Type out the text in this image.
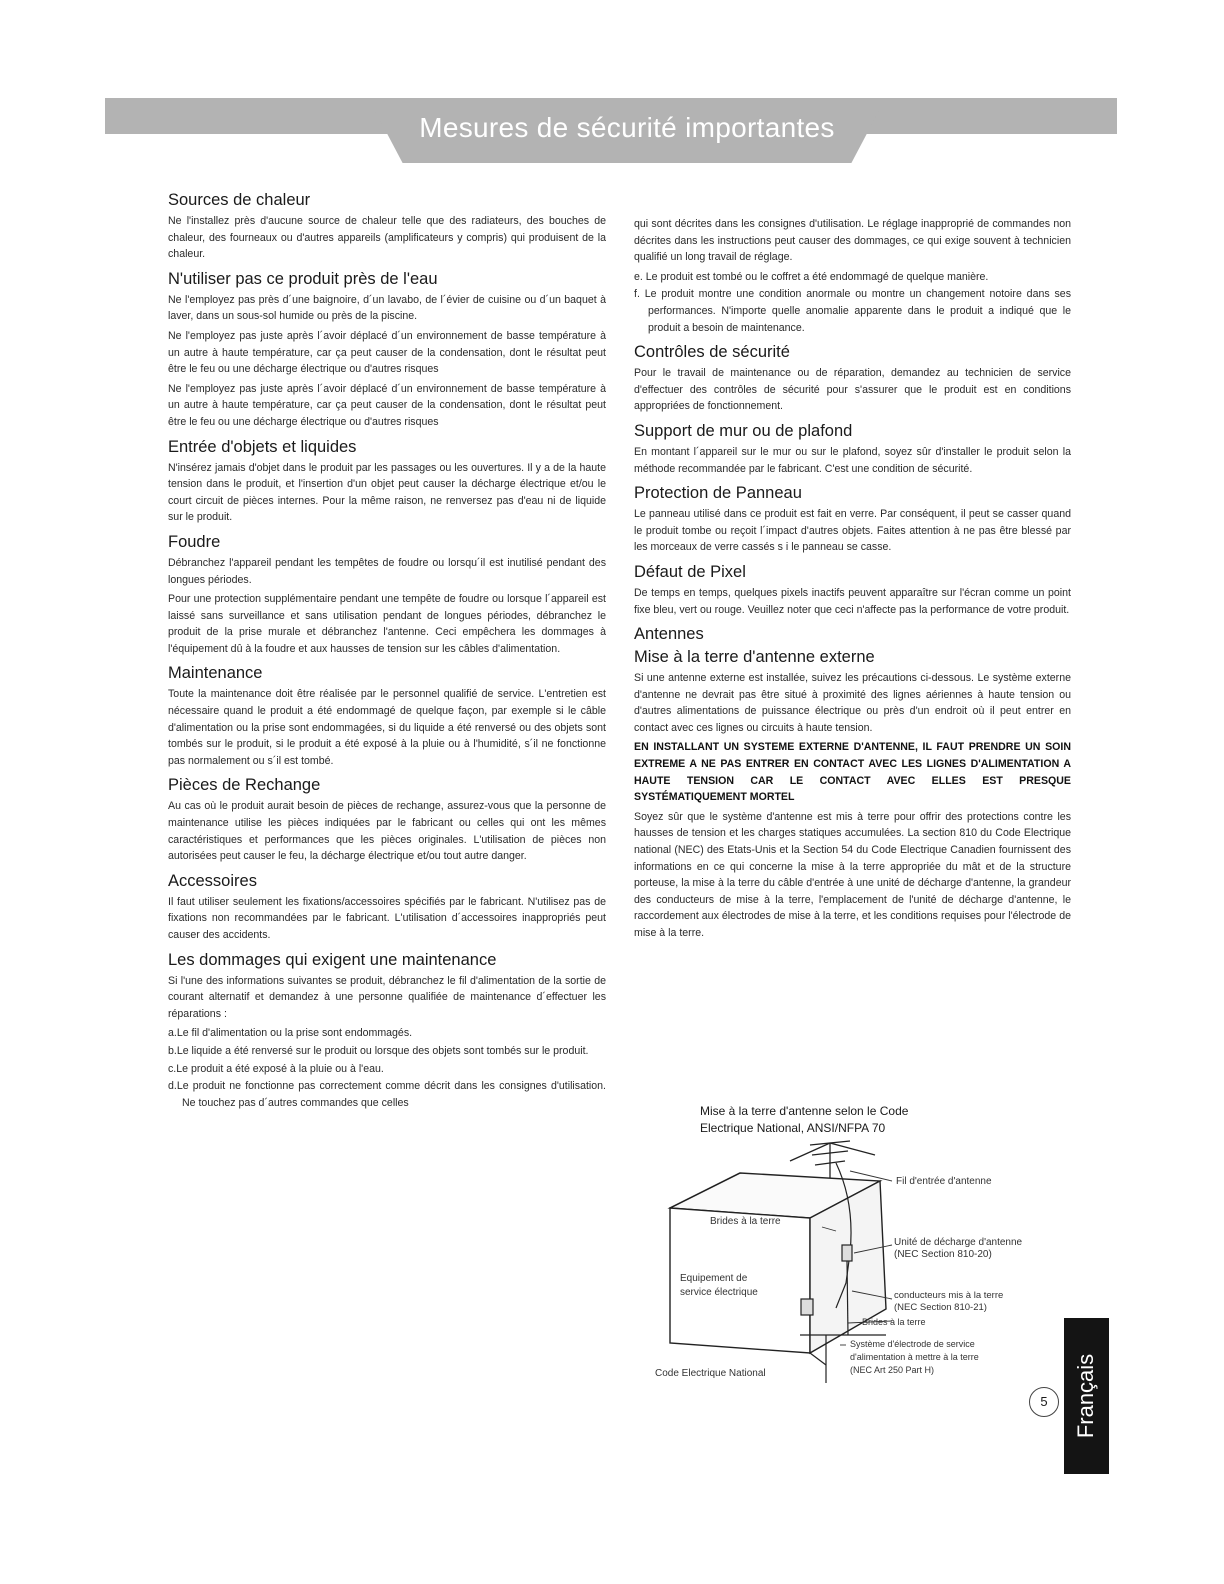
Mesures de sécurité importantes
Sources de chaleur

Ne l'installez près d'aucune source de chaleur telle que des radiateurs, des bouches de chaleur, des fourneaux ou d'autres appareils (amplificateurs y compris) qui produisent de la chaleur.

N'utiliser pas ce produit près de l'eau

Ne l'employez pas près d´une baignoire, d´un lavabo, de l´évier de cuisine ou d´un baquet à laver, dans un sous-sol humide ou près de la piscine.

Ne l'employez pas juste après l´avoir déplacé d´un environnement de basse température à un autre à haute température, car ça peut causer de la condensation, dont le résultat peut être le feu ou une décharge électrique ou d'autres risques

Ne l'employez pas juste après l´avoir déplacé d´un environnement de basse température à un autre à haute température, car ça peut causer de la condensation, dont le résultat peut être le feu ou une décharge électrique ou d'autres risques

Entrée d'objets et liquides

N'insérez jamais d'objet dans le produit par les passages ou les ouvertures. Il y a de la haute tension dans le produit, et l'insertion d'un objet peut causer la décharge électrique et/ou le court circuit de pièces internes. Pour la même raison, ne renversez pas d'eau ni de liquide sur le produit.

Foudre

Débranchez l'appareil pendant les tempêtes de foudre ou lorsqu´il est inutilisé pendant des longues périodes.

Pour une protection supplémentaire pendant une tempête de foudre ou lorsque l´appareil est laissé sans surveillance et sans utilisation pendant de longues périodes, débranchez le produit de la prise murale et débranchez l'antenne. Ceci empêchera les dommages à l'équipement dû à la foudre et aux hausses de tension sur les câbles d'alimentation.

Maintenance

Toute la maintenance doit être réalisée par le personnel qualifié de service. L'entretien est nécessaire quand le produit a été endommagé de quelque façon, par exemple si le câble d'alimentation ou la prise sont endommagées, si du liquide a été renversé ou des objets sont tombés sur le produit, si le produit a été exposé à la pluie ou à l'humidité, s´il ne fonctionne pas normalement ou s´il est tombé.

Pièces de Rechange

Au cas où le produit aurait besoin de pièces de rechange, assurez-vous que la personne de maintenance utilise les pièces indiquées par le fabricant ou celles qui ont les mêmes caractéristiques et performances que les pièces originales. L'utilisation de pièces non autorisées peut causer le feu, la décharge électrique et/ou tout autre danger.

Accessoires

Il faut utiliser seulement les fixations/accessoires spécifiés par le fabricant. N'utilisez pas de fixations non recommandées par le fabricant. L'utilisation d´accessoires inappropriés peut causer des accidents.

Les dommages qui exigent une maintenance

Si l'une des informations suivantes se produit, débranchez le fil d'alimentation de la sortie de courant alternatif et demandez à une personne qualifiée de maintenance d´effectuer les réparations :

a.Le fil d'alimentation ou la prise sont endommagés.
b.Le liquide a été renversé sur le produit ou lorsque des objets sont tombés sur le produit.
c.Le produit a été exposé à la pluie ou à l'eau.
d.Le produit ne fonctionne pas correctement comme décrit dans les consignes d'utilisation. Ne touchez pas d´autres commandes que celles

qui sont décrites dans les consignes d'utilisation. Le réglage inapproprié de commandes non décrites dans les instructions peut causer des dommages, ce qui exige souvent à technicien qualifié un long travail de réglage.

e. Le produit est tombé ou le coffret a été endommagé de quelque manière.
f. Le produit montre une condition anormale ou montre un changement notoire dans ses performances. N'importe quelle anomalie apparente dans le produit a indiqué que le produit a besoin de maintenance.
Contrôles de sécurité

Pour le travail de maintenance ou de réparation, demandez au technicien de service d'effectuer des contrôles de sécurité pour s'assurer que le produit est en conditions appropriées de fonctionnement.

Support de mur ou de plafond

En montant l´appareil sur le mur ou sur le plafond, soyez sûr d'installer le produit selon la méthode recommandée par le fabricant. C'est une condition de sécurité.

Protection de Panneau

Le panneau utilisé dans ce produit est fait en verre. Par conséquent, il peut se casser quand le produit tombe ou reçoit l´impact d'autres objets. Faites attention à ne pas être blessé par les morceaux de verre cassés s i le panneau se casse.

Défaut de Pixel

De temps en temps, quelques pixels inactifs peuvent apparaître sur l'écran comme un point fixe bleu, vert ou rouge. Veuillez noter que ceci n'affecte pas la performance de votre produit.

Antennes
Mise à la terre d'antenne externe

Si une antenne externe est installée, suivez les précautions ci-dessous. Le système externe d'antenne ne devrait pas être situé à proximité des lignes aériennes à haute tension ou d'autres alimentations de puissance électrique ou près d'un endroit où il peut entrer en contact avec ces lignes ou circuits à haute tension.

EN INSTALLANT UN SYSTEME EXTERNE D'ANTENNE, IL FAUT PRENDRE UN SOIN EXTREME A NE PAS ENTRER EN CONTACT AVEC LES LIGNES D'ALIMENTATION A HAUTE TENSION CAR LE CONTACT AVEC ELLES EST PRESQUE SYSTÉMATIQUEMENT MORTEL

Soyez sûr que le système d'antenne est mis à terre pour offrir des protections contre les hausses de tension et les charges statiques accumulées. La section 810 du Code Electrique national (NEC) des Etats-Unis et la Section 54 du Code Electrique Canadien fournissent des informations en ce qui concerne la mise à la terre appropriée du mât et de la structure porteuse, la mise à la terre du câble d'entrée à une unité de décharge d'antenne, la grandeur des conducteurs de mise à la terre, l'emplacement de l'unité de décharge d'antenne, le raccordement aux électrodes de mise à la terre, et les conditions requises pour l'électrode de mise à la terre.

Mise à la terre d'antenne selon le Code
Electrique National, ANSI/NFPA 70
Fil d'entrée d'antenne
Brides à la terre
Unité de décharge d'antenne
(NEC Section 810-20)
Equipement de
service électrique	conducteurs mis à la terre
(NEC Section 810-21)
Brides à la terre
Système d'électrode de service
d'alimentation à mettre à la terre
(NEC Art 250 Part H)
Code Electrique National	Français
5
